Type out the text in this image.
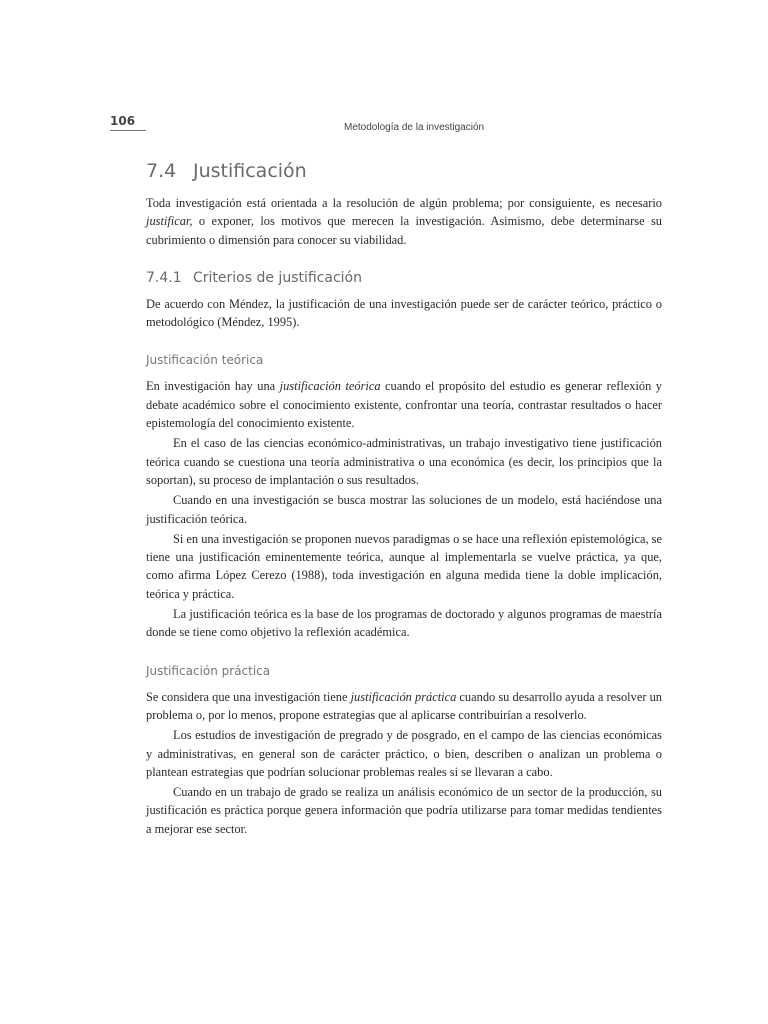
106	Metodología de la investigación
7.4 Justificación

Toda investigación está orientada a la resolución de algún problema; por consiguiente, es necesario justificar, o exponer, los motivos que merecen la investigación. Asimismo, debe determinarse su cubrimiento o dimensión para conocer su viabilidad.

7.4.1 Criterios de justificación

De acuerdo con Méndez, la justificación de una investigación puede ser de carácter teórico, práctico o metodológico (Méndez, 1995).

Justificación teórica

En investigación hay una justificación teórica cuando el propósito del estudio es generar reflexión y debate académico sobre el conocimiento existente, confrontar una teoría, contrastar resultados o hacer epistemología del conocimiento existente.

En el caso de las ciencias económico-administrativas, un trabajo investigativo tiene justificación teórica cuando se cuestiona una teoría administrativa o una económica (es decir, los principios que la soportan), su proceso de implantación o sus resultados.

Cuando en una investigación se busca mostrar las soluciones de un modelo, está haciéndose una justificación teórica.

Si en una investigación se proponen nuevos paradigmas o se hace una reflexión epistemológica, se tiene una justificación eminentemente teórica, aunque al implementarla se vuelve práctica, ya que, como afirma López Cerezo (1988), toda investigación en alguna medida tiene la doble implicación, teórica y práctica.

La justificación teórica es la base de los programas de doctorado y algunos programas de maestría donde se tiene como objetivo la reflexión académica.

Justificación práctica

Se considera que una investigación tiene justificación práctica cuando su desarrollo ayuda a resolver un problema o, por lo menos, propone estrategias que al aplicarse contribuirían a resolverlo.

Los estudios de investigación de pregrado y de posgrado, en el campo de las ciencias económicas y administrativas, en general son de carácter práctico, o bien, describen o analizan un problema o plantean estrategias que podrían solucionar problemas reales si se llevaran a cabo.

Cuando en un trabajo de grado se realiza un análisis económico de un sector de la producción, su justificación es práctica porque genera información que podría utilizarse para tomar medidas tendientes a mejorar ese sector.
